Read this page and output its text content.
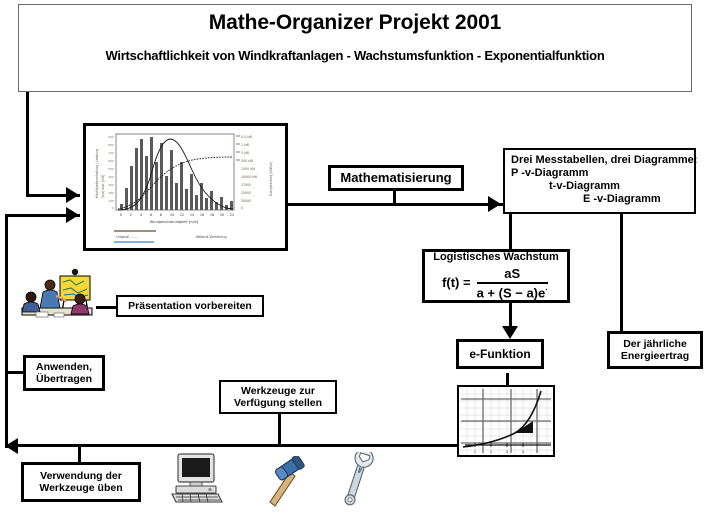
Mathe-Organizer Projekt 2001
Wirtschaftlichkeit von Windkraftanlagen - Wachstumsfunktion - Exponentialfunktion
Häufigkeitsverteilung / Leistung [h/a] bzw. [kW]	Energieertrag [kWh/a]
900
800
700
600
500
400
300
200
100
0
0 2 4 6 8 10 12 14 16 18 20 22
Windgeschwindigkeit [m/s]
0,5 kW
1 kW
5 kW
500 kW
1000 kW
10000 kW
17000
25000
30000
0
Original .......	Weibull-Verteilung
Mathematisierung
Drei Messtabellen, drei Diagramme:
P -v-Diagramm
t-v-Diagramm
E -v-Diagramm
Logistisches Wachstum
f(t) =
aS
a + (S − a)e·
e-Funktion
Der jährliche
Energieertrag
Präsentation vorbereiten
Anwenden,
Übertragen
Werkzeuge zur
Verfügung stellen
Verwendung der
Werkzeuge üben
1	2	3	4
